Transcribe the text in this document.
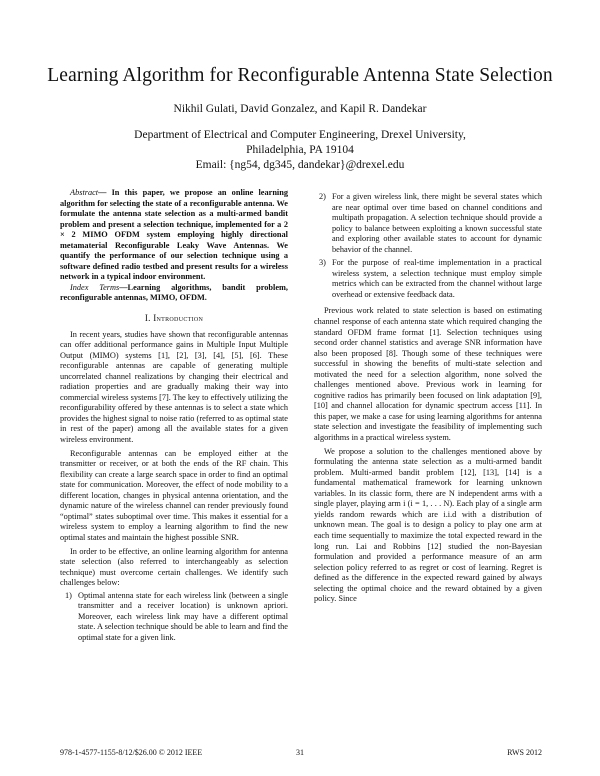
Learning Algorithm for Reconfigurable Antenna State Selection
Nikhil Gulati, David Gonzalez, and Kapil R. Dandekar
Department of Electrical and Computer Engineering, Drexel University,
Philadelphia, PA 19104
Email: {ng54, dg345, dandekar}@drexel.edu

Abstract— In this paper, we propose an online learning algorithm for selecting the state of a reconfigurable antenna. We formulate the antenna state selection as a multi-armed bandit problem and present a selection technique, implemented for a 2 × 2 MIMO OFDM system employing highly directional metamaterial Reconfigurable Leaky Wave Antennas. We quantify the performance of our selection technique using a software defined radio testbed and present results for a wireless network in a typical indoor environment.

Index Terms—Learning algorithms, bandit problem, reconfigurable antennas, MIMO, OFDM.

I. Introduction

In recent years, studies have shown that reconfigurable antennas can offer additional performance gains in Multiple Input Multiple Output (MIMO) systems [1], [2], [3], [4], [5], [6]. These reconfigurable antennas are capable of generating multiple uncorrelated channel realizations by changing their electrical and radiation properties and are gradually making their way into commercial wireless systems [7]. The key to effectively utilizing the reconfigurability offered by these antennas is to select a state which provides the highest signal to noise ratio (referred to as optimal state in rest of the paper) among all the available states for a given wireless environment.

Reconfigurable antennas can be employed either at the transmitter or receiver, or at both the ends of the RF chain. This flexibility can create a large search space in order to find an optimal state for communication. Moreover, the effect of node mobility to a different location, changes in physical antenna orientation, and the dynamic nature of the wireless channel can render previously found “optimal” states suboptimal over time. This makes it essential for a wireless system to employ a learning algorithm to find the new optimal states and maintain the highest possible SNR.

In order to be effective, an online learning algorithm for antenna state selection (also referred to interchangeably as selection technique) must overcome certain challenges. We identify such challenges below:

1) Optimal antenna state for each wireless link (between a single transmitter and a receiver location) is unknown apriori. Moreover, each wireless link may have a different optimal state. A selection technique should be able to learn and find the optimal state for a given link.
2) For a given wireless link, there might be several states which are near optimal over time based on channel conditions and multipath propagation. A selection technique should provide a policy to balance between exploiting a known successful state and exploring other available states to account for dynamic behavior of the channel.
3) For the purpose of real-time implementation in a practical wireless system, a selection technique must employ simple metrics which can be extracted from the channel without large overhead or extensive feedback data.

Previous work related to state selection is based on estimating channel response of each antenna state which required changing the standard OFDM frame format [1]. Selection techniques using second order channel statistics and average SNR information have also been proposed [8]. Though some of these techniques were successful in showing the benefits of multi-state selection and motivated the need for a selection algorithm, none solved the challenges mentioned above. Previous work in learning for cognitive radios has primarily been focused on link adaptation [9], [10] and channel allocation for dynamic spectrum access [11]. In this paper, we make a case for using learning algorithms for antenna state selection and investigate the feasibility of implementing such algorithms in a practical wireless system.

We propose a solution to the challenges mentioned above by formulating the antenna state selection as a multi-armed bandit problem. Multi-armed bandit problem [12], [13], [14] is a fundamental mathematical framework for learning unknown variables. In its classic form, there are N independent arms with a single player, playing arm i (i = 1, . . . N). Each play of a single arm yields random rewards which are i.i.d with a distribution of unknown mean. The goal is to design a policy to play one arm at each time sequentially to maximize the total expected reward in the long run. Lai and Robbins [12] studied the non-Bayesian formulation and provided a performance measure of an arm selection policy referred to as regret or cost of learning. Regret is defined as the difference in the expected reward gained by always selecting the optimal choice and the reward obtained by a given policy. Since

978-1-4577-1155-8/12/$26.00 © 2012 IEEE	31	RWS 2012
